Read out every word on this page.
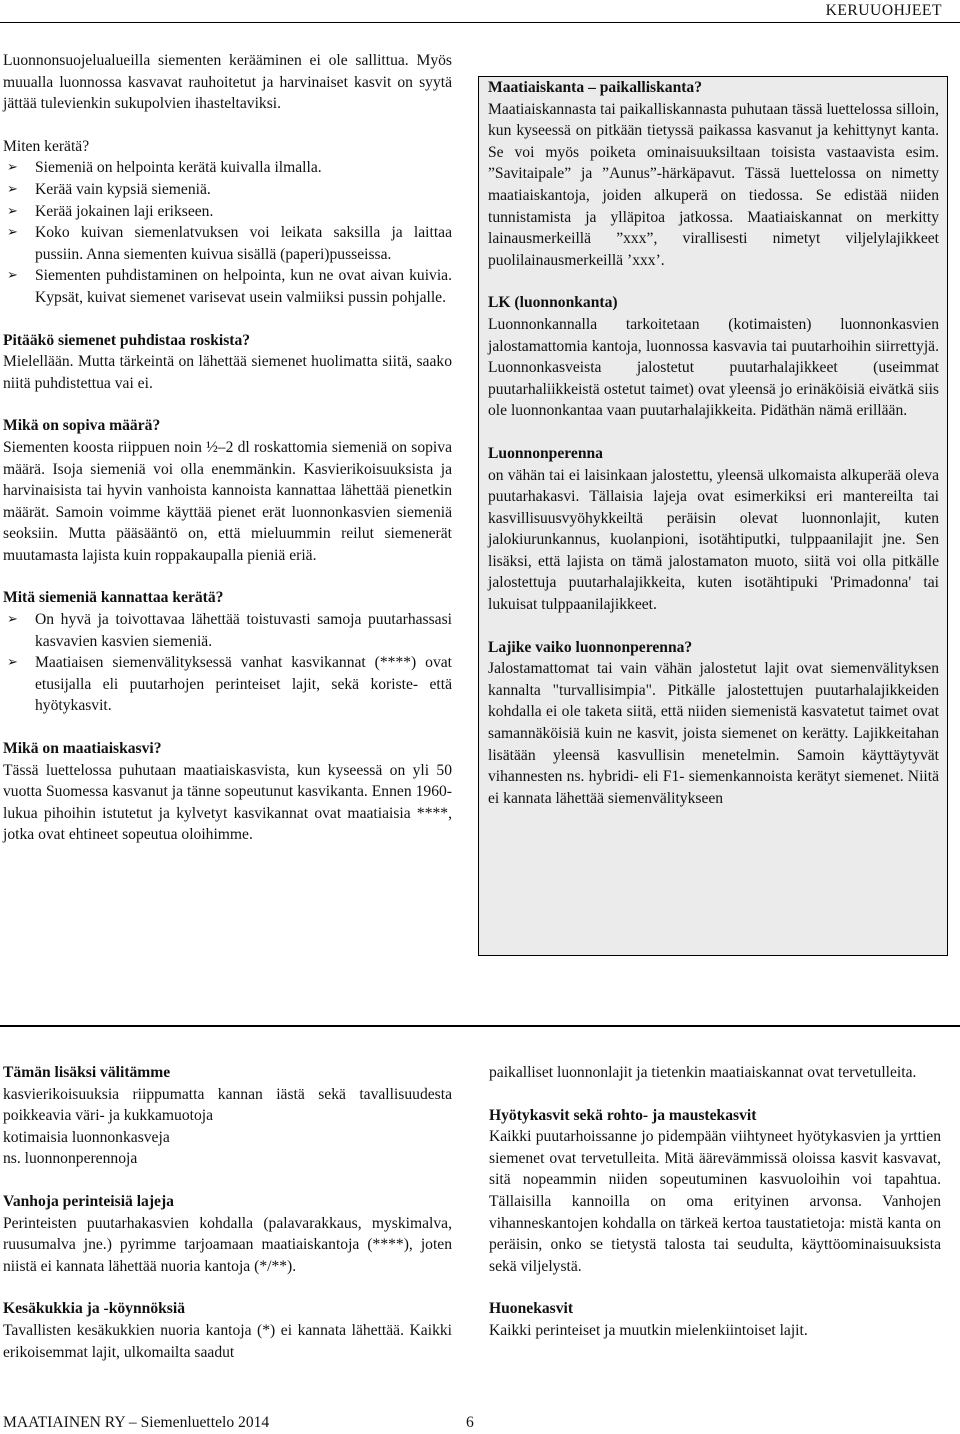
KERUUOHJEET

Luonnonsuojelualueilla siementen kerääminen ei ole sallittua. Myös muualla luonnossa kasvavat rauhoitetut ja harvinaiset kasvit on syytä jättää tulevienkin sukupolvien ihasteltaviksi.

Miten kerätä?

➢ Siemeniä on helpointa kerätä kuivalla ilmalla.
➢ Kerää vain kypsiä siemeniä.
➢ Kerää jokainen laji erikseen.
➢ Koko kuivan siemenlatvuksen voi leikata saksilla ja laittaa pussiin. Anna siementen kuivua sisällä (paperi)pusseissa.
➢ Siementen puhdistaminen on helpointa, kun ne ovat aivan kuivia. Kypsät, kuivat siemenet varisevat usein valmiiksi pussin pohjalle.

Pitääkö siemenet puhdistaa roskista?

Mielellään. Mutta tärkeintä on lähettää siemenet huolimatta siitä, saako niitä puhdistettua vai ei.

Mikä on sopiva määrä?

Siementen koosta riippuen noin ½–2 dl roskattomia siemeniä on sopiva määrä. Isoja siemeniä voi olla enemmänkin. Kasvierikoisuuksista ja harvinaisista tai hyvin vanhoista kannoista kannattaa lähettää pienetkin määrät. Samoin voimme käyttää pienet erät luonnonkasvien siemeniä seoksiin. Mutta pääsääntö on, että mieluummin reilut siemenerät muutamasta lajista kuin roppakaupalla pieniä eriä.

Mitä siemeniä kannattaa kerätä?

➢ On hyvä ja toivottavaa lähettää toistuvasti samoja puutarhassasi kasvavien kasvien siemeniä.
➢ Maatiaisen siemenvälityksessä vanhat kasvikannat (****) ovat etusijalla eli puutarhojen perinteiset lajit, sekä koriste- että hyötykasvit.

Mikä on maatiaiskasvi?

Tässä luettelossa puhutaan maatiaiskasvista, kun kyseessä on yli 50 vuotta Suomessa kasvanut ja tänne sopeutunut kasvikanta. Ennen 1960-lukua pihoihin istutetut ja kylvetyt kasvikannat ovat maatiaisia ****, jotka ovat ehtineet sopeutua oloihimme.

Maatiaiskanta – paikalliskanta?

Maatiaiskannasta tai paikalliskannasta puhutaan tässä luettelossa silloin, kun kyseessä on pitkään tietyssä paikassa kasvanut ja kehittynyt kanta. Se voi myös poiketa ominaisuuksiltaan toisista vastaavista esim. ”Savitaipale” ja ”Aunus”-härkäpavut. Tässä luettelossa on nimetty maatiaiskantoja, joiden alkuperä on tiedossa. Se edistää niiden tunnistamista ja ylläpitoa jatkossa. Maatiaiskannat on merkitty lainausmerkeillä ”xxx”, virallisesti nimetyt viljelylajikkeet puolilainausmerkeillä ’xxx’.

LK (luonnonkanta)

Luonnonkannalla tarkoitetaan (kotimaisten) luonnonkasvien jalostamattomia kantoja, luonnossa kasvavia tai puutarhoihin siirrettyjä. Luonnonkasveista jalostetut puutarhalajikkeet (useimmat puutarhaliikkeistä ostetut taimet) ovat yleensä jo erinäköisiä eivätkä siis ole luonnonkantaa vaan puutarhalajikkeita. Pidäthän nämä erillään.

Luonnonperenna

on vähän tai ei laisinkaan jalostettu, yleensä ulkomaista alkuperää oleva puutarhakasvi. Tällaisia lajeja ovat esimerkiksi eri mantereilta tai kasvillisuusvyöhykkeiltä peräisin olevat luonnonlajit, kuten jalokiurunkannus, kuolanpioni, isotähtiputki, tulppaanilajit jne. Sen lisäksi, että lajista on tämä jalostamaton muoto, siitä voi olla pitkälle jalostettuja puutarhalajikkeita, kuten isotähtipuki 'Primadonna' tai lukuisat tulppaanilajikkeet.

Lajike vaiko luonnonperenna?

Jalostamattomat tai vain vähän jalostetut lajit ovat siemenvälityksen kannalta "turvallisimpia". Pitkälle jalostettujen puutarhalajikkeiden kohdalla ei ole taketa siitä, että niiden siemenistä kasvatetut taimet ovat samannäköisiä kuin ne kasvit, joista siemenet on kerätty. Lajikkeitahan lisätään yleensä kasvullisin menetelmin. Samoin käyttäytyvät vihannesten ns. hybridi- eli F1- siemenkannoista kerätyt siemenet. Niitä ei kannata lähettää siemenvälitykseen

Tämän lisäksi välitämme

kasvierikoisuuksia riippumatta kannan iästä sekä tavallisuudesta poikkeavia väri- ja kukkamuotoja

kotimaisia luonnonkasveja

ns. luonnonperennoja

Vanhoja perinteisiä lajeja

Perinteisten puutarhakasvien kohdalla (palavarakkaus, myskimalva, ruusumalva jne.) pyrimme tarjoamaan maatiaiskantoja (****), joten niistä ei kannata lähettää nuoria kantoja (*/**).

Kesäkukkia ja -köynnöksiä

Tavallisten kesäkukkien nuoria kantoja (*) ei kannata lähettää. Kaikki erikoisemmat lajit, ulkomailta saadut

paikalliset luonnonlajit ja tietenkin maatiaiskannat ovat tervetulleita.

Hyötykasvit sekä rohto- ja maustekasvit

Kaikki puutarhoissanne jo pidempään viihtyneet hyötykasvien ja yrttien siemenet ovat tervetulleita. Mitä äärevämmissä oloissa kasvit kasvavat, sitä nopeammin niiden sopeutuminen kasvuoloihin voi tapahtua. Tällaisilla kannoilla on oma erityinen arvonsa. Vanhojen vihanneskantojen kohdalla on tärkeä kertoa taustatietoja: mistä kanta on peräisin, onko se tietystä talosta tai seudulta, käyttöominaisuuksista sekä viljelystä.

Huonekasvit

Kaikki perinteiset ja muutkin mielenkiintoiset lajit.

MAATIAINEN RY – Siemenluettelo 2014	6
